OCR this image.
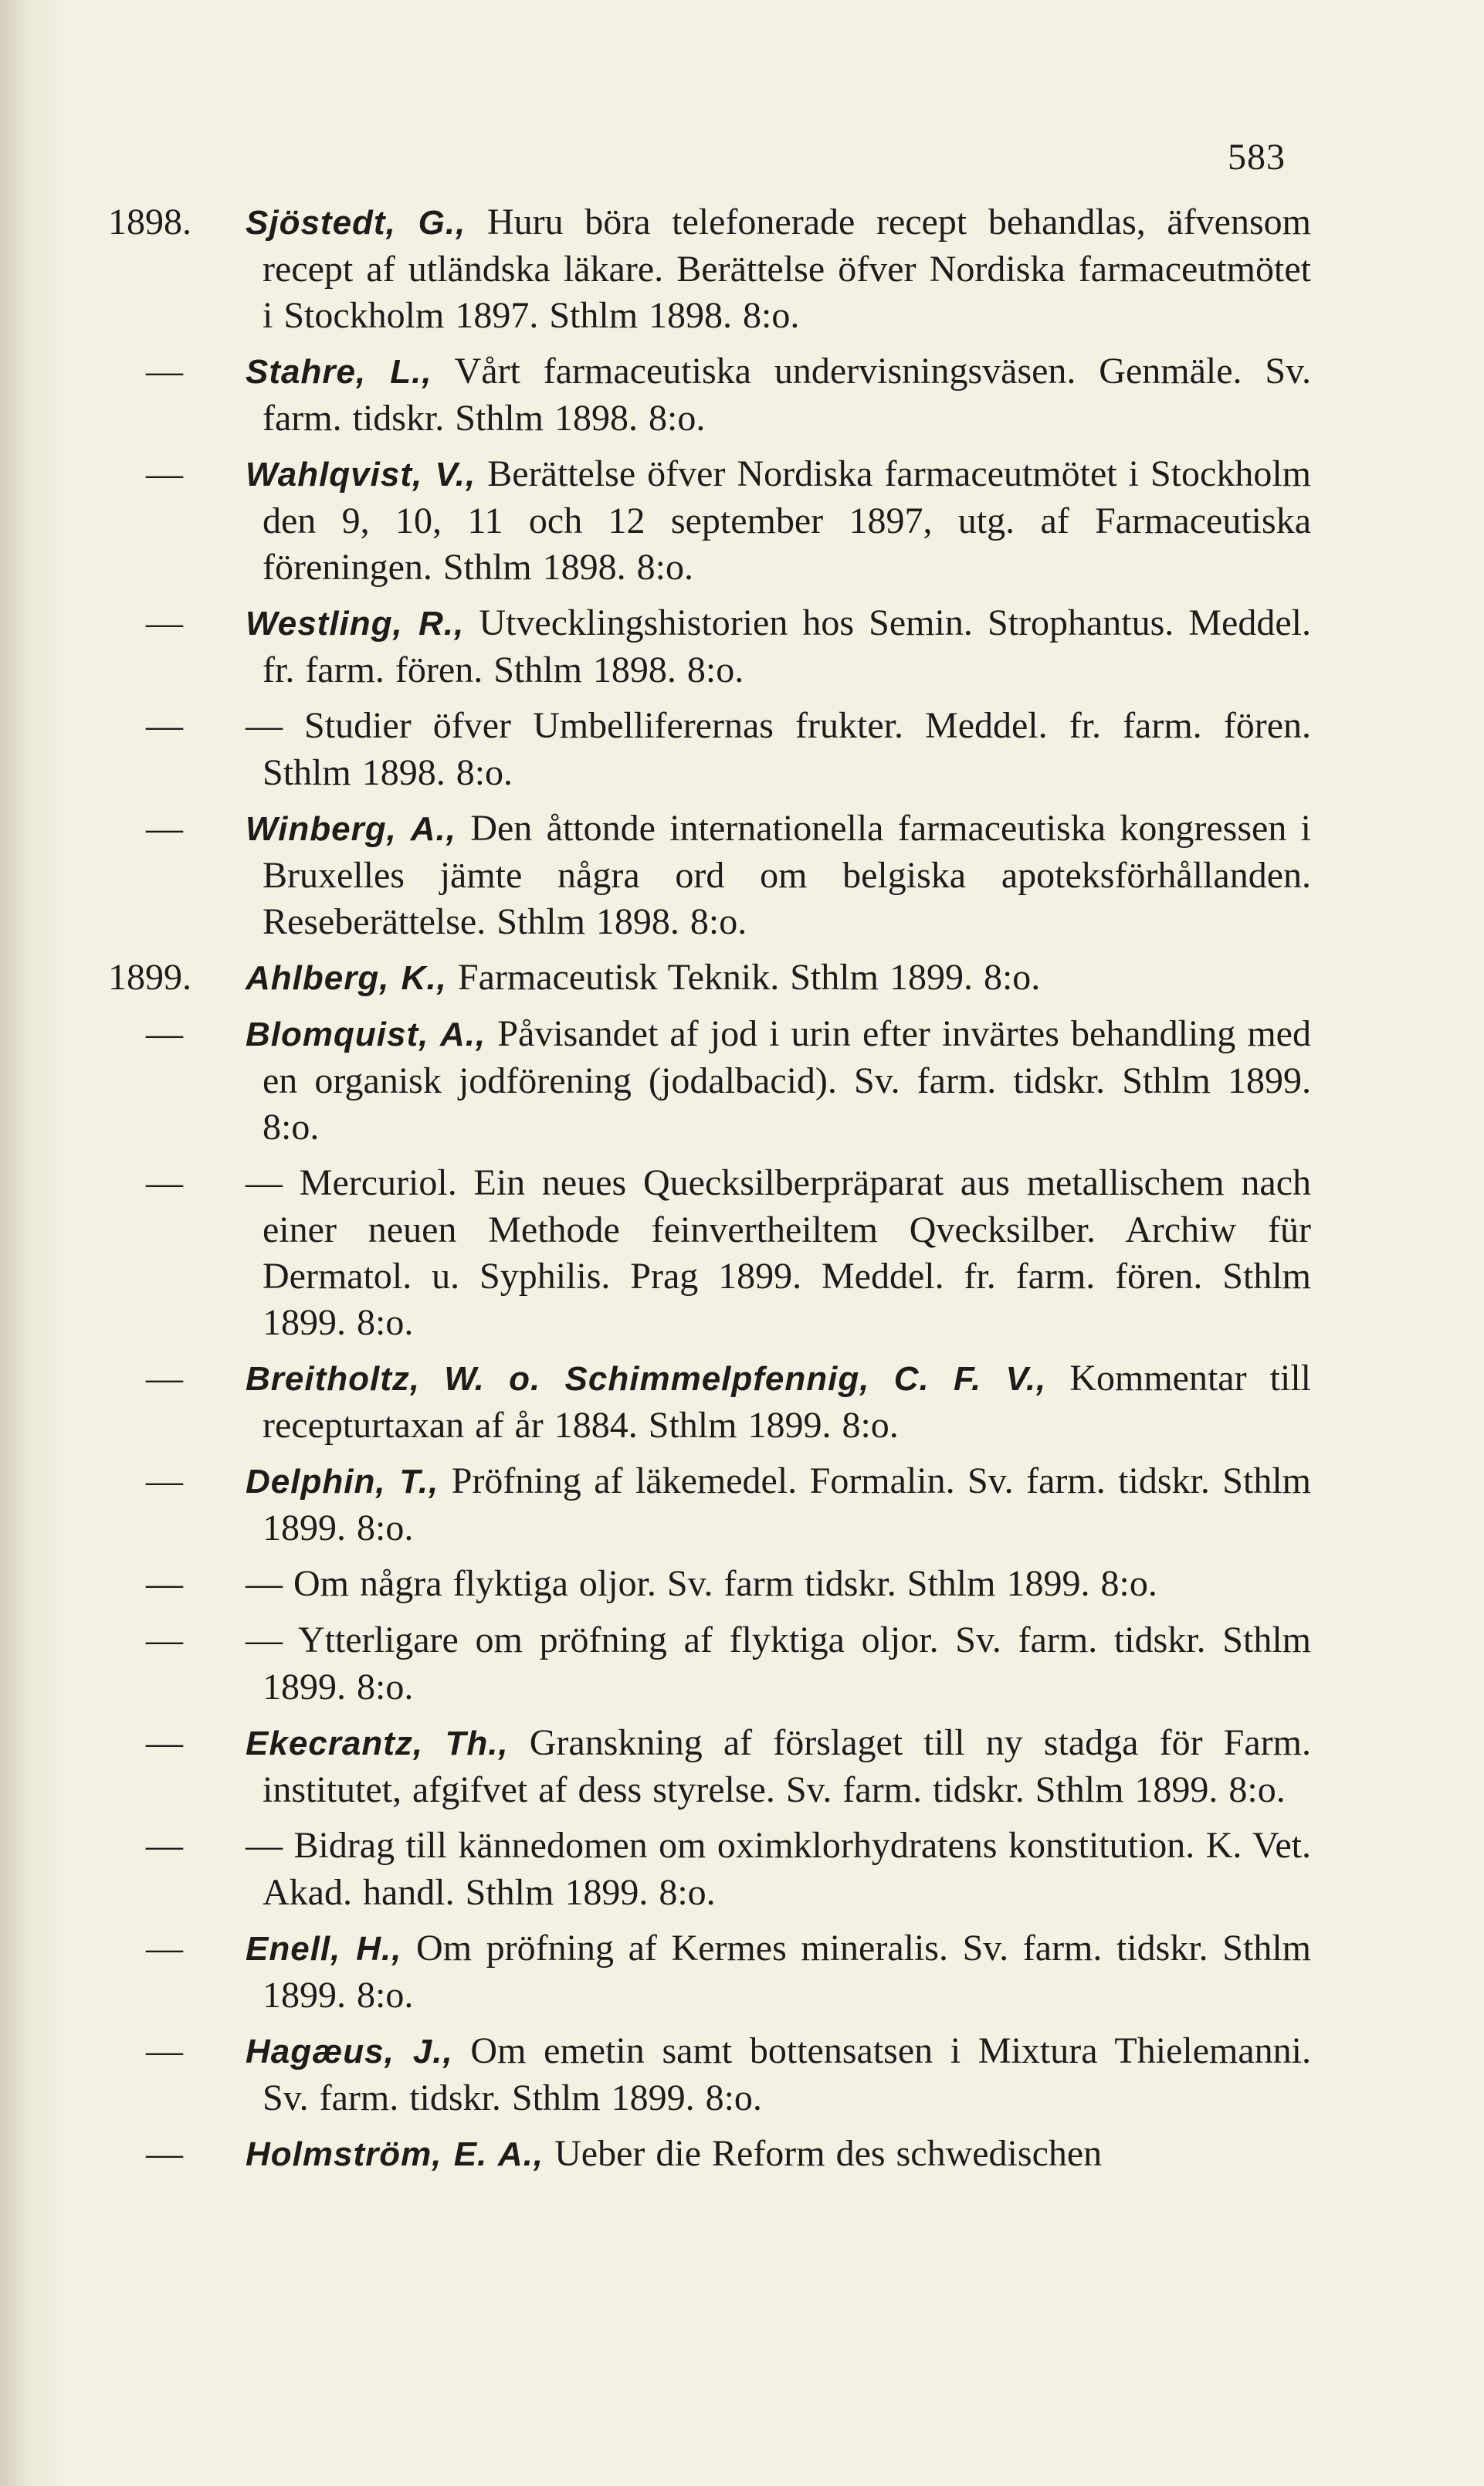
583
1898.	Sjöstedt, G., Huru böra telefonerade recept behandlas, äfvensom recept af utländska läkare. Berättelse öfver Nordiska farmaceutmötet i Stockholm 1897. Sthlm 1898. 8:o.
—	Stahre, L., Vårt farmaceutiska undervisningsväsen. Genmäle. Sv. farm. tidskr. Sthlm 1898. 8:o.
—	Wahlqvist, V., Berättelse öfver Nordiska farmaceutmötet i Stockholm den 9, 10, 11 och 12 september 1897, utg. af Farmaceutiska föreningen. Sthlm 1898. 8:o.
—	Westling, R., Utvecklingshistorien hos Semin. Strophantus. Meddel. fr. farm. fören. Sthlm 1898. 8:o.
—	— Studier öfver Umbelliferernas frukter. Meddel. fr. farm. fören. Sthlm 1898. 8:o.
—	Winberg, A., Den åttonde internationella farmaceutiska kongressen i Bruxelles jämte några ord om belgiska apoteksförhållanden. Reseberättelse. Sthlm 1898. 8:o.
1899.	Ahlberg, K., Farmaceutisk Teknik. Sthlm 1899. 8:o.
—	Blomquist, A., Påvisandet af jod i urin efter invärtes behandling med en organisk jodförening (jodalbacid). Sv. farm. tidskr. Sthlm 1899. 8:o.
—	— Mercuriol. Ein neues Quecksilberpräparat aus metallischem nach einer neuen Methode feinvertheiltem Qvecksilber. Archiw für Dermatol. u. Syphilis. Prag 1899. Meddel. fr. farm. fören. Sthlm 1899. 8:o.
—	Breitholtz, W. o. Schimmelpfennig, C. F. V., Kommentar till recepturtaxan af år 1884. Sthlm 1899. 8:o.
—	Delphin, T., Pröfning af läkemedel. Formalin. Sv. farm. tidskr. Sthlm 1899. 8:o.
—	— Om några flyktiga oljor. Sv. farm tidskr. Sthlm 1899. 8:o.
—	— Ytterligare om pröfning af flyktiga oljor. Sv. farm. tidskr. Sthlm 1899. 8:o.
—	Ekecrantz, Th., Granskning af förslaget till ny stadga för Farm. institutet, afgifvet af dess styrelse. Sv. farm. tidskr. Sthlm 1899. 8:o.
—	— Bidrag till kännedomen om oximklorhydratens konstitution. K. Vet. Akad. handl. Sthlm 1899. 8:o.
—	Enell, H., Om pröfning af Kermes mineralis. Sv. farm. tidskr. Sthlm 1899. 8:o.
—	Hagæus, J., Om emetin samt bottensatsen i Mixtura Thielemanni. Sv. farm. tidskr. Sthlm 1899. 8:o.
—	Holmström, E. A., Ueber die Reform des schwedischen
